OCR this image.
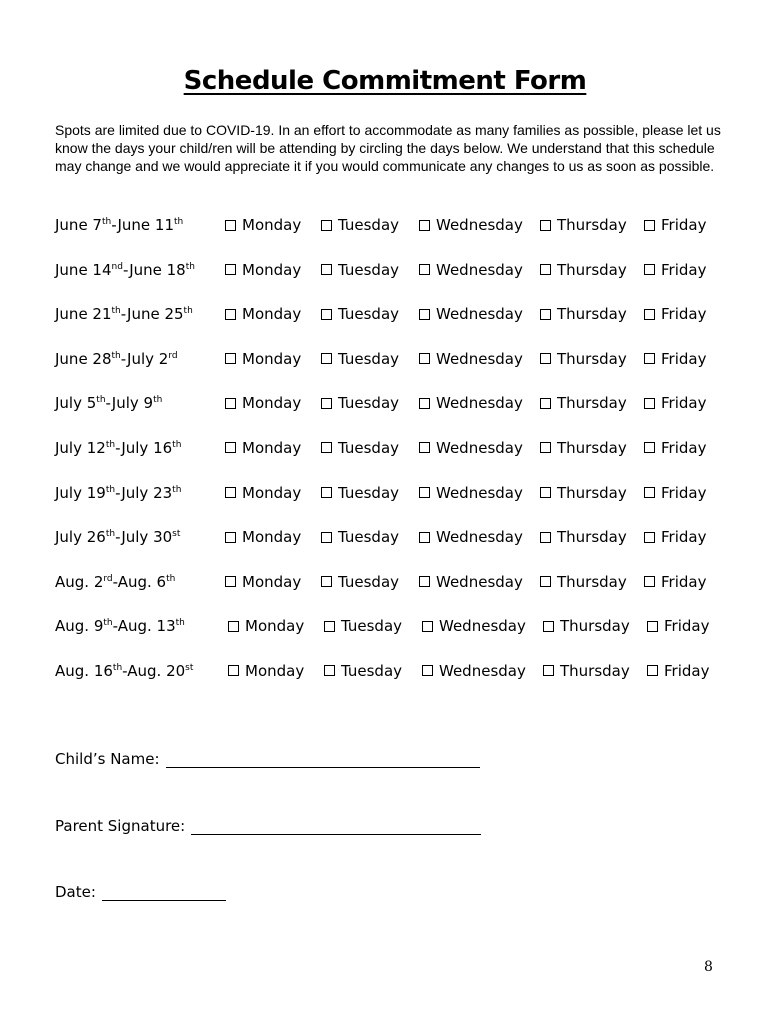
Schedule Commitment Form

Spots are limited due to COVID-19. In an effort to accommodate as many families as possible, please let us know the days your child/ren will be attending by circling the days below. We understand that this schedule may change and we would appreciate it if you would communicate any changes to us as soon as possible.

June 7th-June 11th	Monday Tuesday Wednesday Thursday Friday
June 14nd-June 18th	Monday Tuesday Wednesday Thursday Friday
June 21th-June 25th	Monday Tuesday Wednesday Thursday Friday
June 28th-July 2rd	Monday Tuesday Wednesday Thursday Friday
July 5th-July 9th	Monday Tuesday Wednesday Thursday Friday
July 12th-July 16th	Monday Tuesday Wednesday Thursday Friday
July 19th-July 23th	Monday Tuesday Wednesday Thursday Friday
July 26th-July 30st	Monday Tuesday Wednesday Thursday Friday
Aug. 2rd-Aug. 6th	Monday Tuesday Wednesday Thursday Friday
Aug. 9th-Aug. 13th	Monday Tuesday Wednesday Thursday Friday
Aug. 16th-Aug. 20st	Monday Tuesday Wednesday Thursday Friday
Child’s Name:
Parent Signature:
Date:
8
